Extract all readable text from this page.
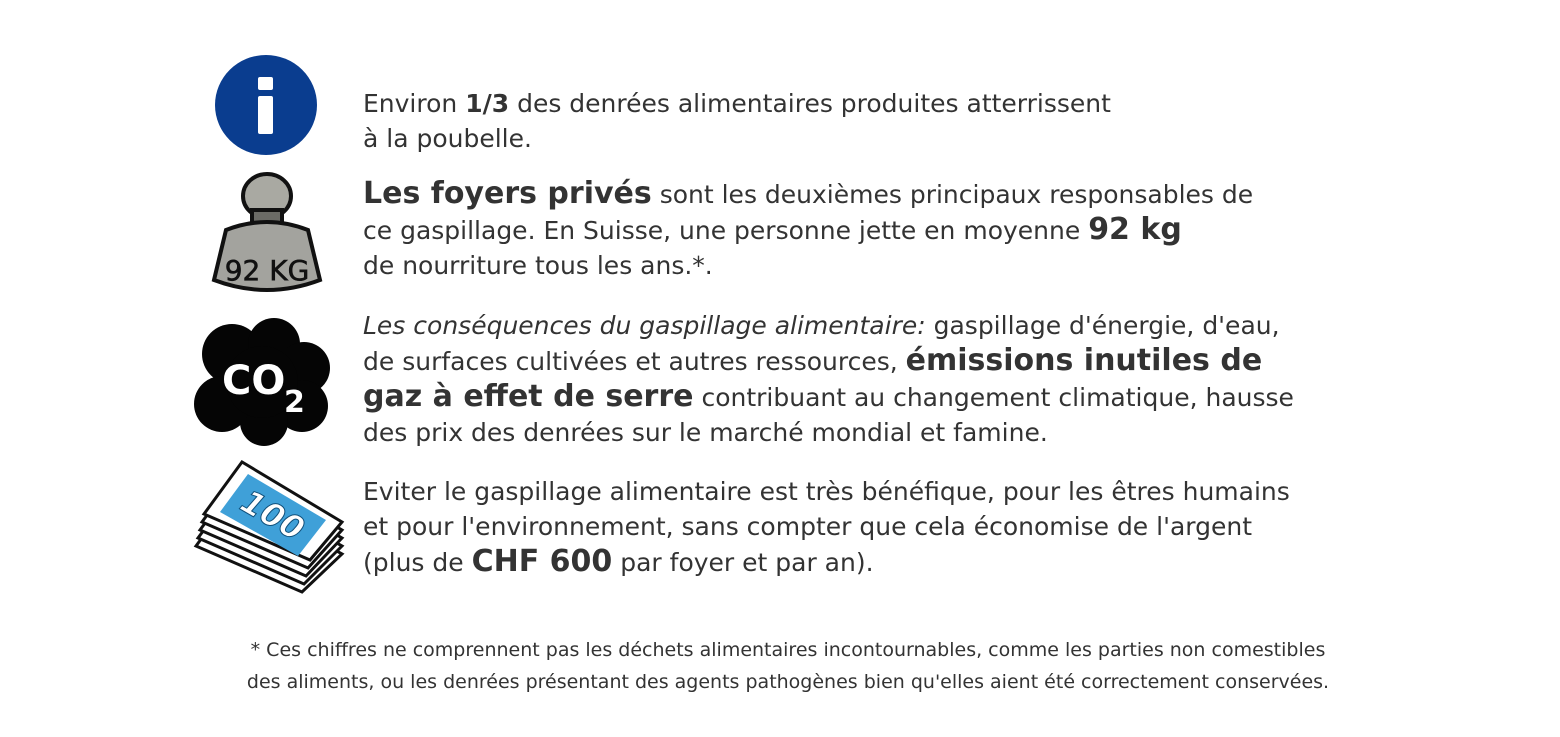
92 KG
CO
2
100
Environ 1/3 des denrées alimentaires produites atterrissent
à la poubelle.
Les foyers privés sont les deuxièmes principaux responsables de
ce gaspillage. En Suisse, une personne jette en moyenne 92 kg
de nourriture tous les ans.*.
Les conséquences du gaspillage alimentaire: gaspillage d'énergie, d'eau,
de surfaces cultivées et autres ressources, émissions inutiles de
gaz à effet de serre contribuant au changement climatique, hausse
des prix des denrées sur le marché mondial et famine.
Eviter le gaspillage alimentaire est très bénéfique, pour les êtres humains
et pour l'environnement, sans compter que cela économise de l'argent
(plus de CHF 600 par foyer et par an).
* Ces chiffres ne comprennent pas les déchets alimentaires incontournables, comme les parties non comestibles
des aliments, ou les denrées présentant des agents pathogènes bien qu'elles aient été correctement conservées.
